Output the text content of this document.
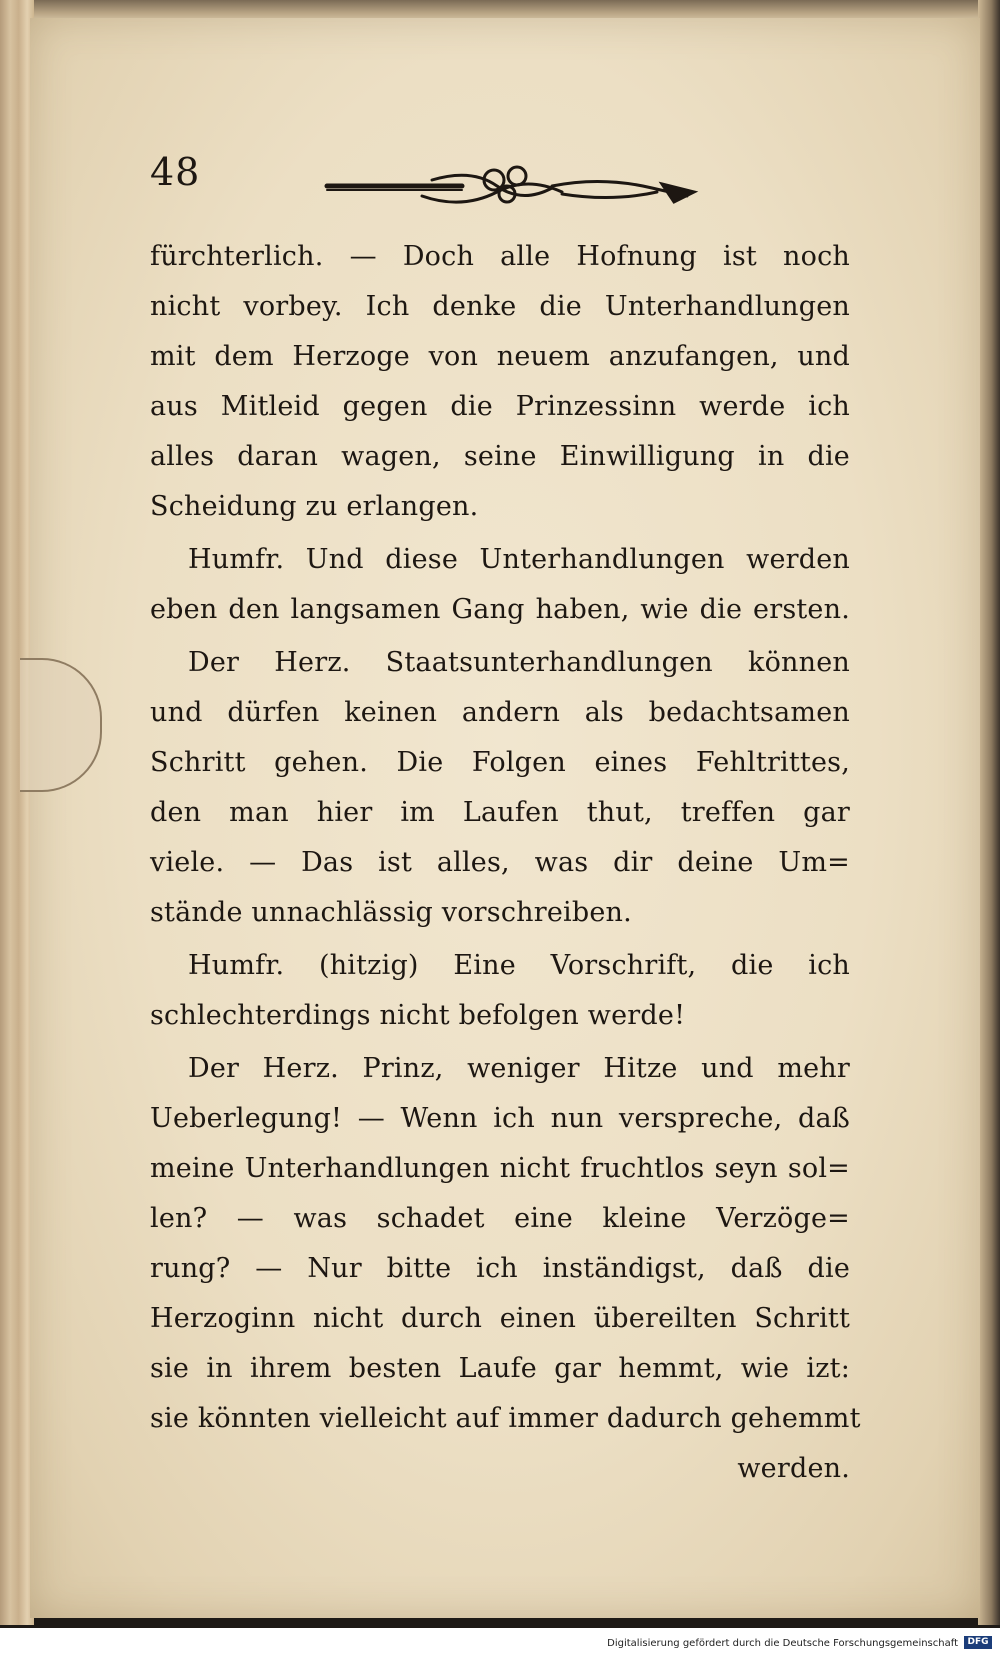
48
fürchterlich. — Doch alle Hofnung ist noch
nicht vorbey. Ich denke die Unterhandlungen
mit dem Herzoge von neuem anzufangen, und
aus Mitleid gegen die Prinzessinn werde ich
alles daran wagen, seine Einwilligung in die
Scheidung zu erlangen.
Humfr. Und diese Unterhandlungen werden
eben den langsamen Gang haben, wie die ersten.
Der Herz. Staatsunterhandlungen können
und dürfen keinen andern als bedachtsamen
Schritt gehen. Die Folgen eines Fehltrittes,
den man hier im Laufen thut, treffen gar
viele. — Das ist alles, was dir deine Um=
stände unnachlässig vorschreiben.
Humfr. (hitzig) Eine Vorschrift, die ich
schlechterdings nicht befolgen werde!
Der Herz. Prinz, weniger Hitze und mehr
Ueberlegung! — Wenn ich nun verspreche, daß
meine Unterhandlungen nicht fruchtlos seyn sol=
len? — was schadet eine kleine Verzöge=
rung? — Nur bitte ich inständigst, daß die
Herzoginn nicht durch einen übereilten Schritt
sie in ihrem besten Laufe gar hemmt, wie izt:
sie könnten vielleicht auf immer dadurch gehemmt
werden.
Digitalisierung gefördert durch die Deutsche Forschungsgemeinschaft	DFG
